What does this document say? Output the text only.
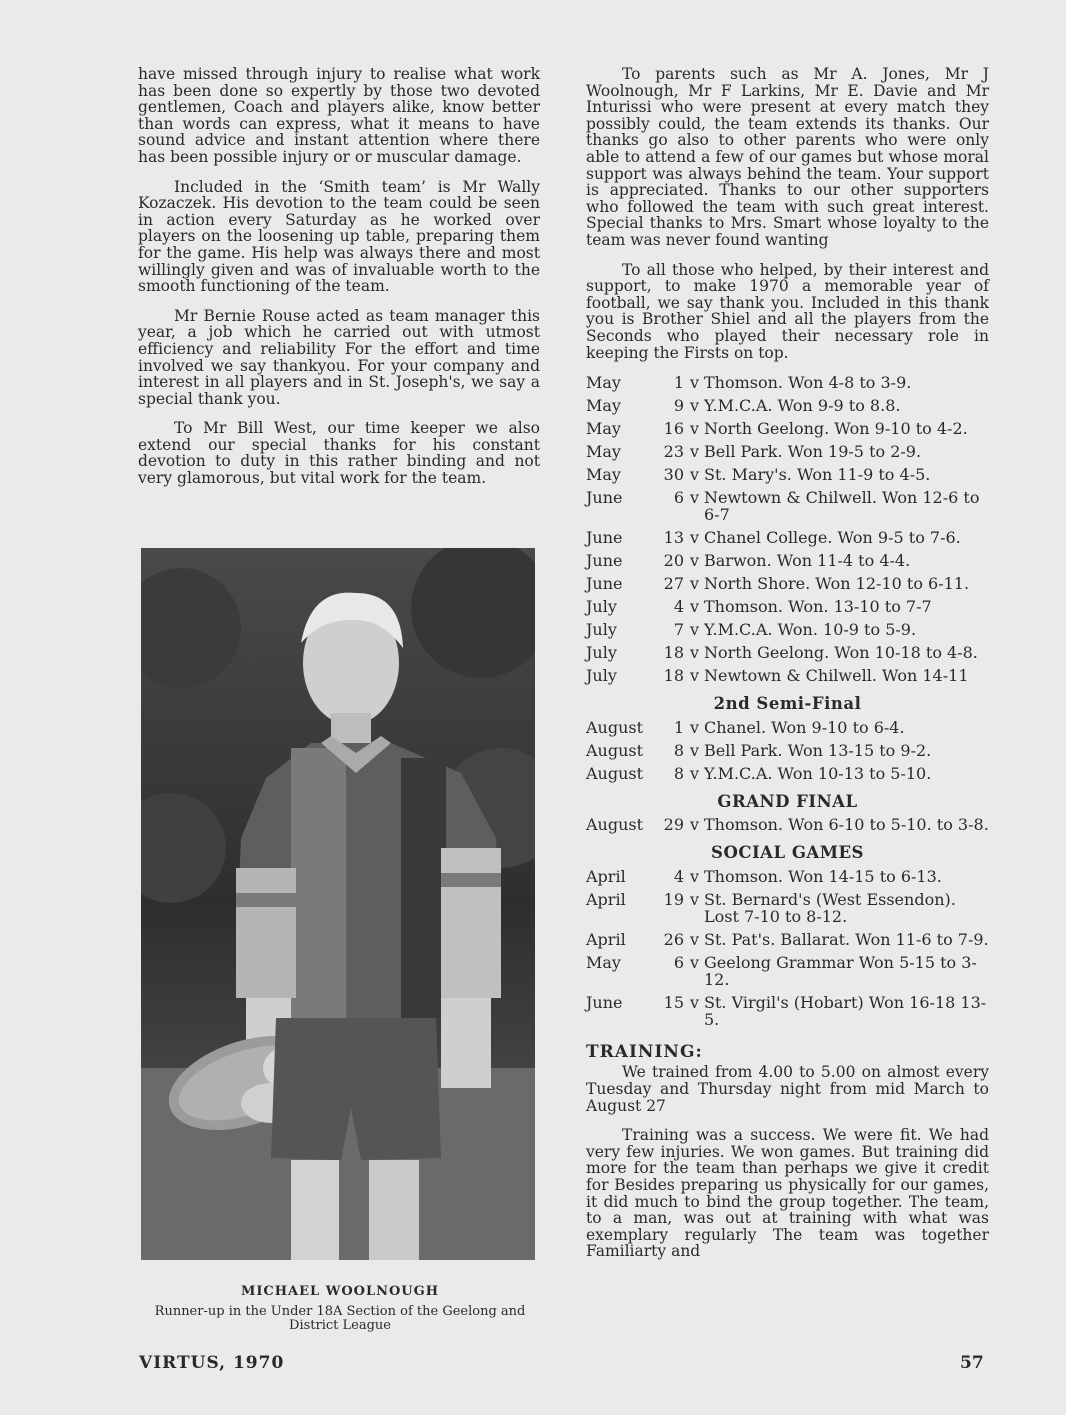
have missed through injury to realise what work has been done so expertly by those two devoted gentlemen, Coach and players alike, know better than words can express, what it means to have sound advice and instant attention where there has been possible injury or or muscular damage.

Included in the ‘Smith team’ is Mr Wally Kozaczek. His devotion to the team could be seen in action every Saturday as he worked over players on the loosening up table, preparing them for the game. His help was always there and most willingly given and was of invaluable worth to the smooth functioning of the team.

Mr Bernie Rouse acted as team manager this year, a job which he carried out with utmost efficiency and reliability For the effort and time involved we say thankyou. For your company and interest in all players and in St. Joseph's, we say a special thank you.

To Mr Bill West, our time keeper we also extend our special thanks for his constant devotion to duty in this rather binding and not very glamorous, but vital work for the team.

MICHAEL WOOLNOUGH
Runner-up in the Under 18A Section of the Geelong and District League

To parents such as Mr A. Jones, Mr J Woolnough, Mr F Larkins, Mr E. Davie and Mr Inturissi who were present at every match they possibly could, the team extends its thanks. Our thanks go also to other parents who were only able to attend a few of our games but whose moral support was always behind the team. Your support is appreciated. Thanks to our other supporters who followed the team with such great interest. Special thanks to Mrs. Smart whose loyalty to the team was never found wanting

To all those who helped, by their interest and support, to make 1970 a memorable year of football, we say thank you. Included in this thank you is Brother Shiel and all the players from the Seconds who played their necessary role in keeping the Firsts on top.

May	1	v	Thomson. Won 4-8 to 3-9.
May	9	v	Y.M.C.A. Won 9-9 to 8.8.
May	16	v	North Geelong. Won 9-10 to 4-2.
May	23	v	Bell Park. Won 19-5 to 2-9.
May	30	v	St. Mary's. Won 11-9 to 4-5.
June	6	v	Newtown & Chilwell. Won 12-6 to 6-7
June	13	v	Chanel College. Won 9-5 to 7-6.
June	20	v	Barwon. Won 11-4 to 4-4.
June	27	v	North Shore. Won 12-10 to 6-11.
July	4	v	Thomson. Won. 13-10 to 7-7
July	7	v	Y.M.C.A. Won. 10-9 to 5-9.
July	18	v	North Geelong. Won 10-18 to 4-8.
July	18	v	Newtown & Chilwell. Won 14-11
2nd Semi-Final
August	1	v	Chanel. Won 9-10 to 6-4.
August	8	v	Bell Park. Won 13-15 to 9-2.
August	8	v	Y.M.C.A. Won 10-13 to 5-10.
GRAND FINAL
August	29	v	Thomson. Won 6-10 to 5-10. to 3-8.
SOCIAL GAMES
April	4	v	Thomson. Won 14-15 to 6-13.
April	19	v	St. Bernard's (West Essendon). Lost 7-10 to 8-12.
April	26	v	St. Pat's. Ballarat. Won 11-6 to 7-9.
May	6	v	Geelong Grammar Won 5-15 to 3-12.
June	15	v	St. Virgil's (Hobart) Won 16-18 13-5.
TRAINING:

We trained from 4.00 to 5.00 on almost every Tuesday and Thursday night from mid March to August 27

Training was a success. We were fit. We had very few injuries. We won games. But training did more for the team than perhaps we give it credit for Besides preparing us physically for our games, it did much to bind the group together. The team, to a man, was out at training with what was exemplary regularly The team was together Familiarty and

VIRTUS, 1970	57
